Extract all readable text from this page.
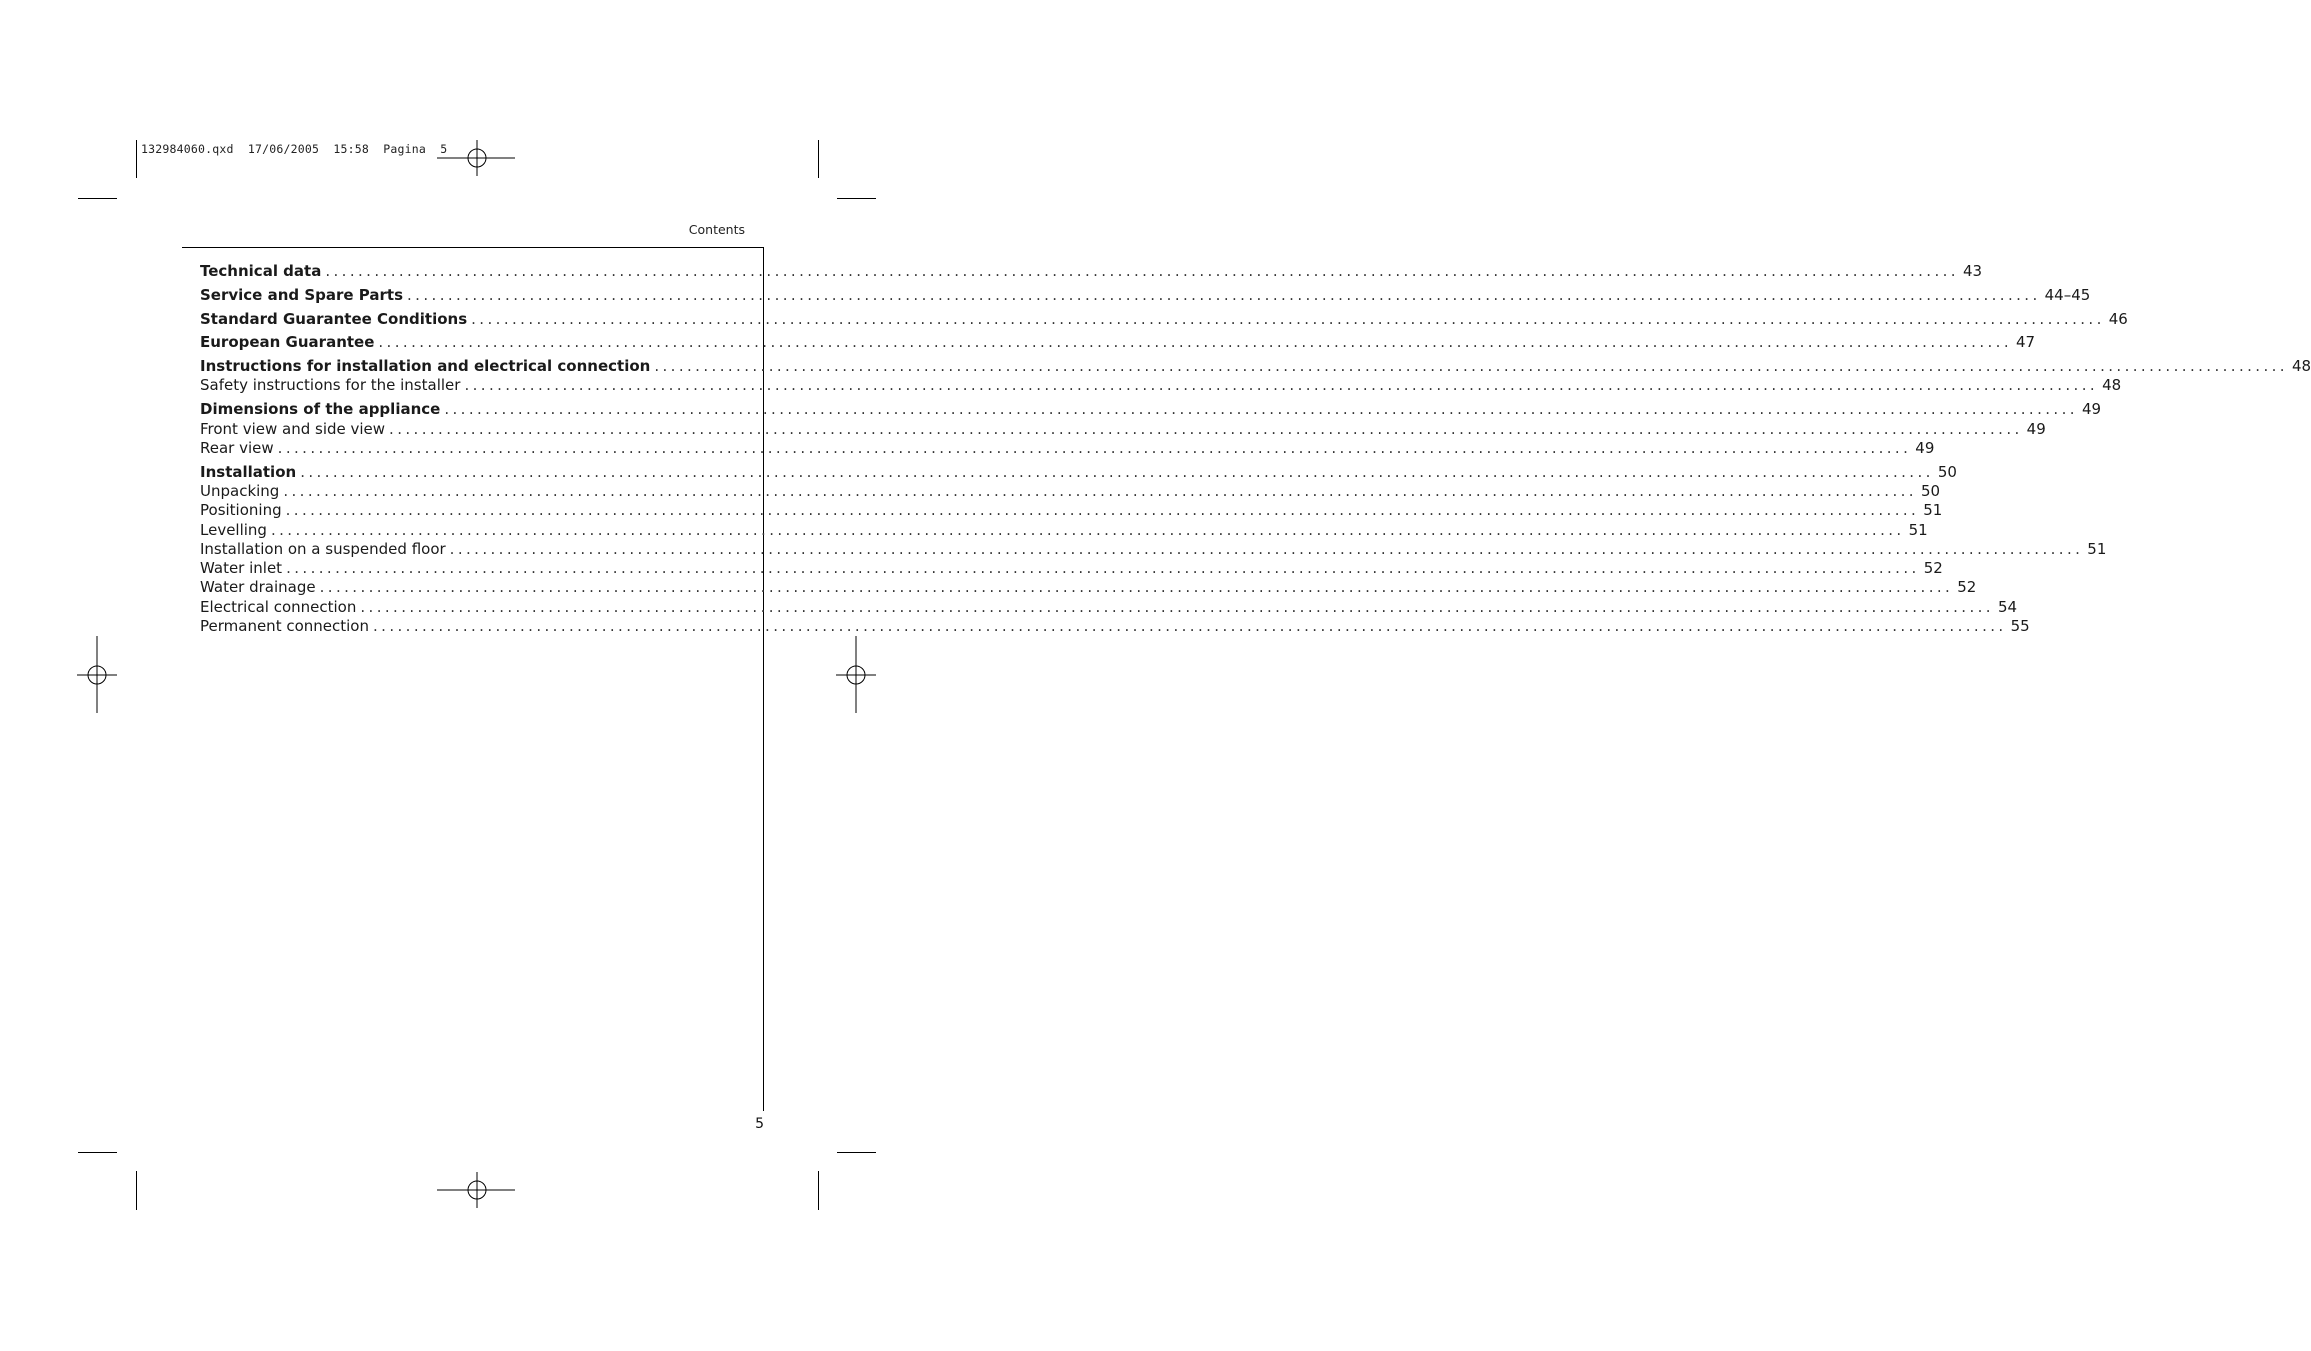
132984060.qxd  17/06/2005  15:58  Pagina  5
Contents
Technical data ........................................................................................................................................................................................................ 43
Service and Spare Parts ........................................................................................................................................................................................................ 44–45
Standard Guarantee Conditions ........................................................................................................................................................................................................ 46
European Guarantee ........................................................................................................................................................................................................ 47
Instructions for installation and electrical connection ........................................................................................................................................................................................................ 48
Safety instructions for the installer ........................................................................................................................................................................................................ 48
Dimensions of the appliance ........................................................................................................................................................................................................ 49
Front view and side view ........................................................................................................................................................................................................ 49
Rear view ........................................................................................................................................................................................................ 49
Installation ........................................................................................................................................................................................................ 50
Unpacking ........................................................................................................................................................................................................ 50
Positioning ........................................................................................................................................................................................................ 51
Levelling ........................................................................................................................................................................................................ 51
Installation on a suspended floor ........................................................................................................................................................................................................ 51
Water inlet ........................................................................................................................................................................................................ 52
Water drainage ........................................................................................................................................................................................................ 52
Electrical connection ........................................................................................................................................................................................................ 54
Permanent connection ........................................................................................................................................................................................................ 55
5
